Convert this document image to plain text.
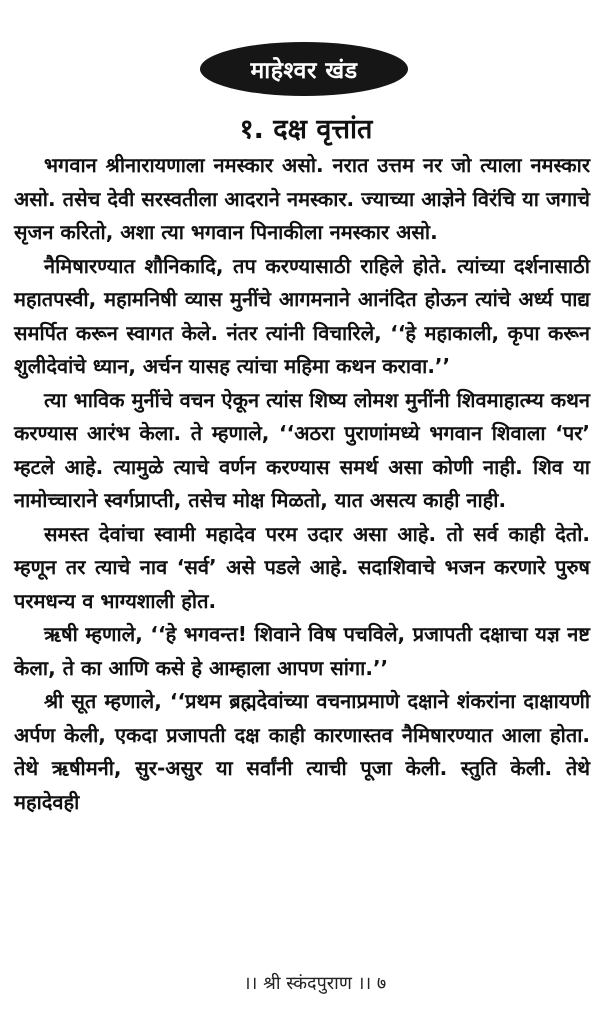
माहेश्वर खंड
१. दक्ष वृत्तांत

भगवान श्रीनारायणाला नमस्कार असो. नरात उत्तम नर जो त्याला नमस्कार असो. तसेच देवी सरस्वतीला आदराने नमस्कार. ज्याच्या आज्ञेने विरंचि या जगाचे सृजन करितो, अशा त्या भगवान पिनाकीला नमस्कार असो.

नैमिषारण्यात शौनिकादि, तप करण्यासाठी राहिले होते. त्यांच्या दर्शनासाठी महातपस्वी, महामनिषी व्यास मुनींचे आगमनाने आनंदित होऊन त्यांचे अर्ध्य पाद्य समर्पित करून स्वागत केले. नंतर त्यांनी विचारिले, ‘‘हे महाकाली, कृपा करून शुलीदेवांचे ध्यान, अर्चन यासह त्यांचा महिमा कथन करावा.’’

त्या भाविक मुनींचे वचन ऐकून त्यांस शिष्य लोमश मुनींनी शिवमाहात्म्य कथन करण्यास आरंभ केला. ते म्हणाले, ‘‘अठरा पुराणांमध्ये भगवान शिवाला ‘पर’ म्हटले आहे. त्यामुळे त्याचे वर्णन करण्यास समर्थ असा कोणी नाही. शिव या नामोच्चाराने स्वर्गप्राप्ती, तसेच मोक्ष मिळतो, यात असत्य काही नाही.

समस्त देवांचा स्वामी महादेव परम उदार असा आहे. तो सर्व काही देतो. म्हणून तर त्याचे नाव ‘सर्व’ असे पडले आहे. सदाशिवाचे भजन करणारे पुरुष परमधन्य व भाग्यशाली होत.

ऋषी म्हणाले, ‘‘हे भगवन्त! शिवाने विष पचविले, प्रजापती दक्षाचा यज्ञ नष्ट केला, ते का आणि कसे हे आम्हाला आपण सांगा.’’

श्री सूत म्हणाले, ‘‘प्रथम ब्रह्मदेवांच्या वचनाप्रमाणे दक्षाने शंकरांना दाक्षायणी अर्पण केली, एकदा प्रजापती दक्ष काही कारणास्तव नैमिषारण्यात आला होता. तेथे ऋषीमनी, सुर-असुर या सर्वांनी त्याची पूजा केली. स्तुति केली. तेथे महादेवही

।। श्री स्कंदपुराण ।। ७
